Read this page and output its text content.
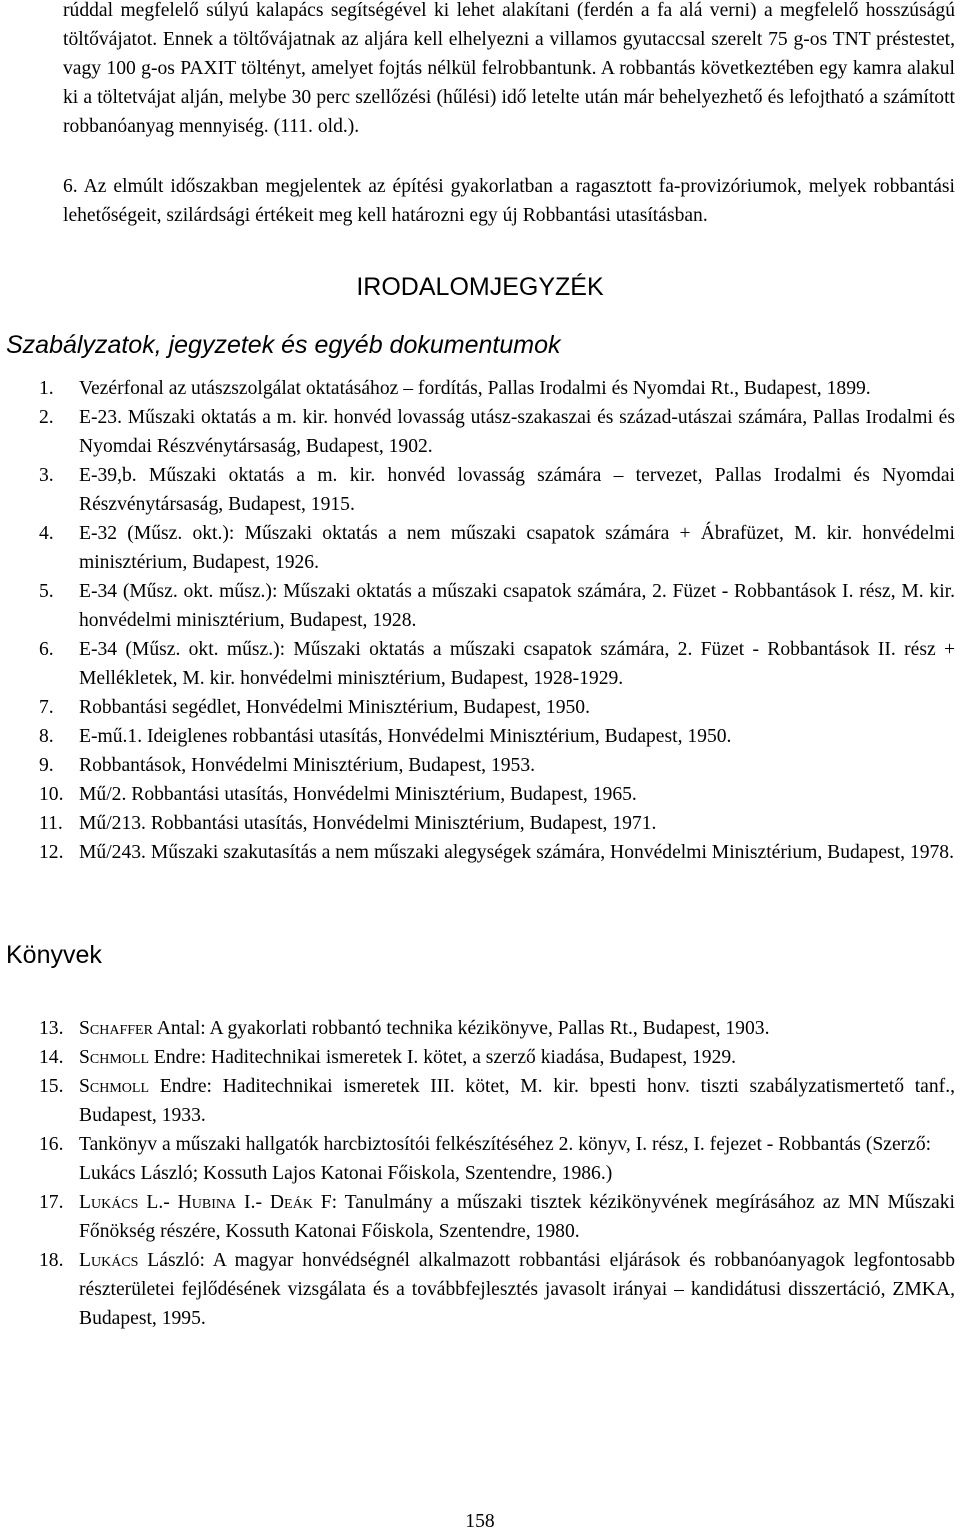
rúddal megfelelő súlyú kalapács segítségével ki lehet alakítani (ferdén a fa alá verni) a megfelelő hosszúságú töltővájatot. Ennek a töltővájatnak az aljára kell elhelyezni a villamos gyutaccsal szerelt 75 g-os TNT préstestet, vagy 100 g-os PAXIT töltényt, amelyet fojtás nélkül felrobbantunk. A robbantás következtében egy kamra alakul ki a töltetvájat alján, melybe 30 perc szellőzési (hűlési) idő letelte után már behelyezhető és lefojtható a számított robbanóanyag mennyiség. (111. old.).

6. Az elmúlt időszakban megjelentek az építési gyakorlatban a ragasztott fa-provizóriumok, melyek robbantási lehetőségeit, szilárdsági értékeit meg kell határozni egy új Robbantási utasításban.

IRODALOMJEGYZÉK
Szabályzatok, jegyzetek és egyéb dokumentumok
1. Vezérfonal az utászszolgálat oktatásához – fordítás, Pallas Irodalmi és Nyomdai Rt., Budapest, 1899.
2. E-23. Műszaki oktatás a m. kir. honvéd lovasság utász-szakaszai és század-utászai számára, Pallas Irodalmi és Nyomdai Részvénytársaság, Budapest, 1902.
3. E-39,b. Műszaki oktatás a m. kir. honvéd lovasság számára – tervezet, Pallas Irodalmi és Nyomdai Részvénytársaság, Budapest, 1915.
4. E-32 (Műsz. okt.): Műszaki oktatás a nem műszaki csapatok számára + Ábrafüzet, M. kir. honvédelmi minisztérium, Budapest, 1926.
5. E-34 (Műsz. okt. műsz.): Műszaki oktatás a műszaki csapatok számára, 2. Füzet - Robbantások I. rész, M. kir. honvédelmi minisztérium, Budapest, 1928.
6. E-34 (Műsz. okt. műsz.): Műszaki oktatás a műszaki csapatok számára, 2. Füzet - Robbantások II. rész + Mellékletek, M. kir. honvédelmi minisztérium, Budapest, 1928-1929.
7. Robbantási segédlet, Honvédelmi Minisztérium, Budapest, 1950.
8. E-mű.1. Ideiglenes robbantási utasítás, Honvédelmi Minisztérium, Budapest, 1950.
9. Robbantások, Honvédelmi Minisztérium, Budapest, 1953.
10. Mű/2. Robbantási utasítás, Honvédelmi Minisztérium, Budapest, 1965.
11. Mű/213. Robbantási utasítás, Honvédelmi Minisztérium, Budapest, 1971.
12. Mű/243. Műszaki szakutasítás a nem műszaki alegységek számára, Honvédelmi Minisztérium, Budapest, 1978.
Könyvek
13. Schaffer Antal: A gyakorlati robbantó technika kézikönyve, Pallas Rt., Budapest, 1903.
14. Schmoll Endre: Haditechnikai ismeretek I. kötet, a szerző kiadása, Budapest, 1929.
15. Schmoll Endre: Haditechnikai ismeretek III. kötet, M. kir. bpesti honv. tiszti szabályzatismertető tanf., Budapest, 1933.
16. Tankönyv a műszaki hallgatók harcbiztosítói felkészítéséhez 2. könyv, I. rész, I. fejezet - Robbantás (Szerző: Lukács László; Kossuth Lajos Katonai Főiskola, Szentendre, 1986.)
17. Lukács L.- Hubina I.- Deák F: Tanulmány a műszaki tisztek kézikönyvének megírásához az MN Műszaki Főnökség részére, Kossuth Katonai Főiskola, Szentendre, 1980.
18. Lukács László: A magyar honvédségnél alkalmazott robbantási eljárások és robbanóanyagok legfontosabb részterületei fejlődésének vizsgálata és a továbbfejlesztés javasolt irányai – kandidátusi disszertáció, ZMKA, Budapest, 1995.
158
